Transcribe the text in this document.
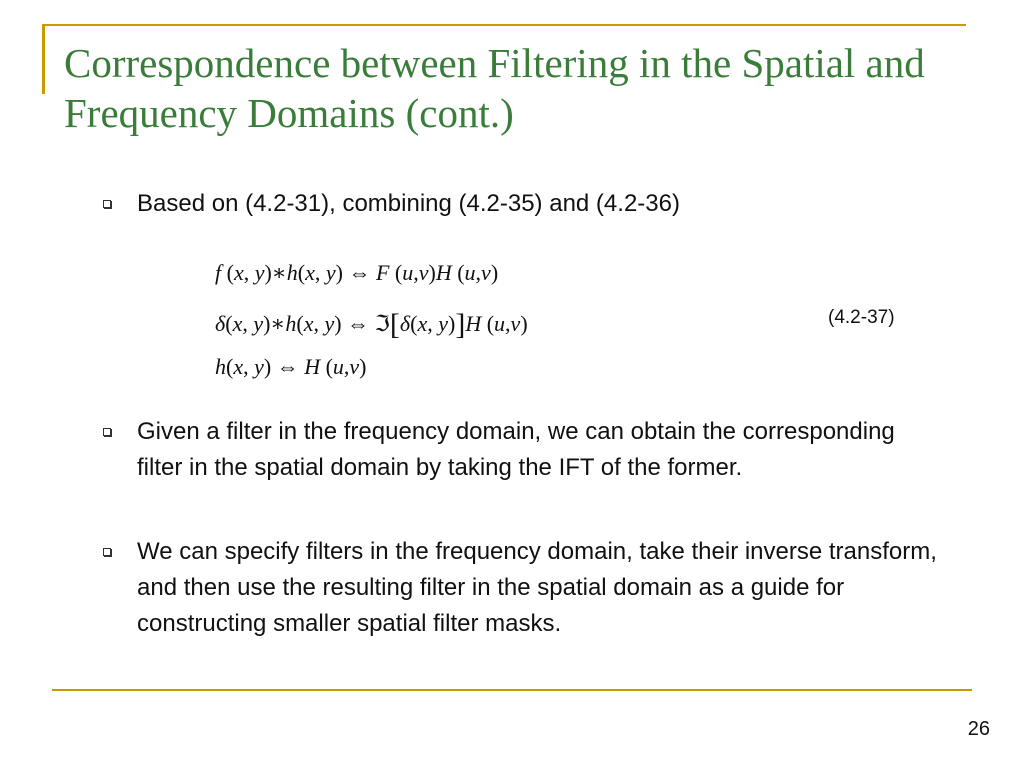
Correspondence between Filtering in the Spatial and Frequency Domains (cont.)

Based on (4.2-31), combining (4.2-35) and (4.2-36)

f (x, y)∗h(x, y) ⇔ F (u,v)H (u,v)
δ(x, y)∗h(x, y) ⇔ ℑ[δ(x, y)]H (u,v)
h(x, y) ⇔ H (u,v)
(4.2-37)

Given a filter in the frequency domain, we can obtain the corresponding filter in the spatial domain by taking the IFT of the former.

We can specify filters in the frequency domain, take their inverse transform, and then use the resulting filter in the spatial domain as a guide for constructing smaller spatial filter masks.

26
